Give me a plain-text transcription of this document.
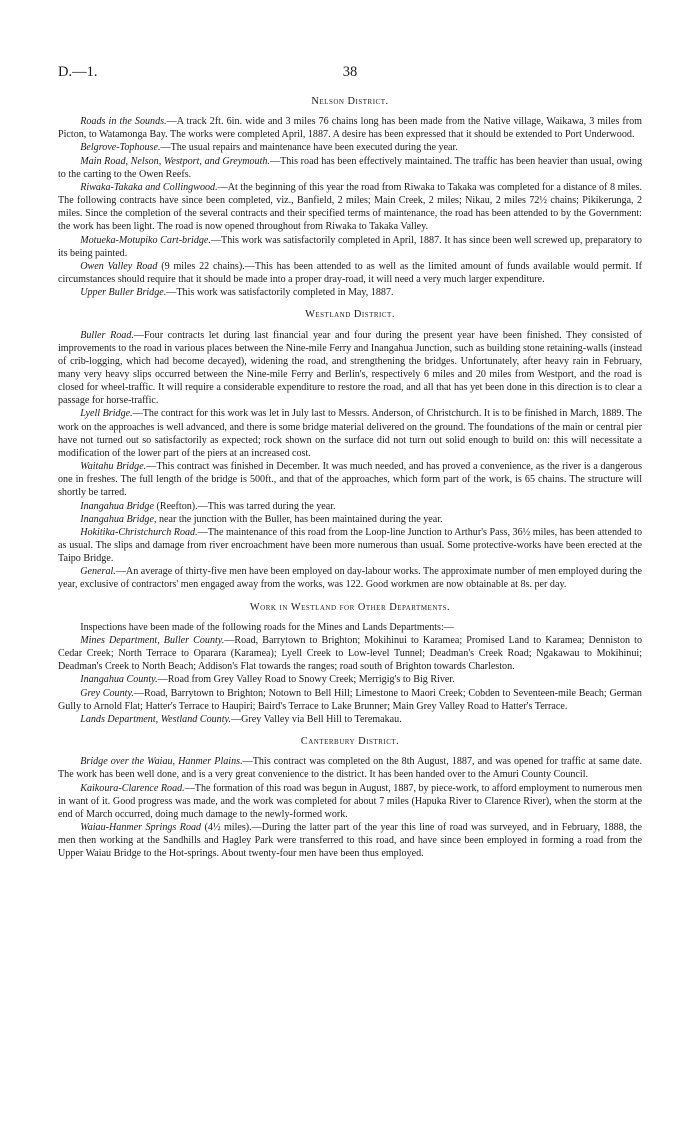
D.—1.	38
Nelson District.

Roads in the Sounds.—A track 2ft. 6in. wide and 3 miles 76 chains long has been made from the Native village, Waikawa, 3 miles from Picton, to Watamonga Bay. The works were completed April, 1887. A desire has been expressed that it should be extended to Port Underwood.

Belgrove-Tophouse.—The usual repairs and maintenance have been executed during the year.

Main Road, Nelson, Westport, and Greymouth.—This road has been effectively maintained. The traffic has been heavier than usual, owing to the carting to the Owen Reefs.

Riwaka-Takaka and Collingwood.—At the beginning of this year the road from Riwaka to Takaka was completed for a distance of 8 miles. The following contracts have since been completed, viz., Banfield, 2 miles; Main Creek, 2 miles; Nikau, 2 miles 72½ chains; Pikikerunga, 2 miles. Since the completion of the several contracts and their specified terms of maintenance, the road has been attended to by the Government: the work has been light. The road is now opened throughout from Riwaka to Takaka Valley.

Motueka-Motupiko Cart-bridge.—This work was satisfactorily completed in April, 1887. It has since been well screwed up, preparatory to its being painted.

Owen Valley Road (9 miles 22 chains).—This has been attended to as well as the limited amount of funds available would permit. If circumstances should require that it should be made into a proper dray-road, it will need a very much larger expenditure.

Upper Buller Bridge.—This work was satisfactorily completed in May, 1887.

Westland District.

Buller Road.—Four contracts let during last financial year and four during the present year have been finished. They consisted of improvements to the road in various places between the Nine-mile Ferry and Inangahua Junction, such as building stone retaining-walls (instead of crib-logging, which had become decayed), widening the road, and strengthening the bridges. Unfortunately, after heavy rain in February, many very heavy slips occurred between the Nine-mile Ferry and Berlin's, respectively 6 miles and 20 miles from Westport, and the road is closed for wheel-traffic. It will require a considerable expenditure to restore the road, and all that has yet been done in this direction is to clear a passage for horse-traffic.

Lyell Bridge.—The contract for this work was let in July last to Messrs. Anderson, of Christchurch. It is to be finished in March, 1889. The work on the approaches is well advanced, and there is some bridge material delivered on the ground. The foundations of the main or central pier have not turned out so satisfactorily as expected; rock shown on the surface did not turn out solid enough to build on: this will necessitate a modification of the lower part of the piers at an increased cost.

Waitahu Bridge.—This contract was finished in December. It was much needed, and has proved a convenience, as the river is a dangerous one in freshes. The full length of the bridge is 500ft., and that of the approaches, which form part of the work, is 65 chains. The structure will shortly be tarred.

Inangahua Bridge (Reefton).—This was tarred during the year.

Inangahua Bridge, near the junction with the Buller, has been maintained during the year.

Hokitika-Christchurch Road.—The maintenance of this road from the Loop-line Junction to Arthur's Pass, 36½ miles, has been attended to as usual. The slips and damage from river encroachment have been more numerous than usual. Some protective-works have been erected at the Taipo Bridge.

General.—An average of thirty-five men have been employed on day-labour works. The approximate number of men employed during the year, exclusive of contractors' men engaged away from the works, was 122. Good workmen are now obtainable at 8s. per day.

Work in Westland for Other Departments.

Inspections have been made of the following roads for the Mines and Lands Departments:—

Mines Department, Buller County.—Road, Barrytown to Brighton; Mokihinui to Karamea; Promised Land to Karamea; Denniston to Cedar Creek; North Terrace to Oparara (Karamea); Lyell Creek to Low-level Tunnel; Deadman's Creek Road; Ngakawau to Mokihinui; Deadman's Creek to North Beach; Addison's Flat towards the ranges; road south of Brighton towards Charleston.

Inangahua County.—Road from Grey Valley Road to Snowy Creek; Merrigig's to Big River.

Grey County.—Road, Barrytown to Brighton; Notown to Bell Hill; Limestone to Maori Creek; Cobden to Seventeen-mile Beach; German Gully to Arnold Flat; Hatter's Terrace to Haupiri; Baird's Terrace to Lake Brunner; Main Grey Valley Road to Hatter's Terrace.

Lands Department, Westland County.—Grey Valley via Bell Hill to Teremakau.

Canterbury District.

Bridge over the Waiau, Hanmer Plains.—This contract was completed on the 8th August, 1887, and was opened for traffic at same date. The work has been well done, and is a very great convenience to the district. It has been handed over to the Amuri County Council.

Kaikoura-Clarence Road.—The formation of this road was begun in August, 1887, by piece-work, to afford employment to numerous men in want of it. Good progress was made, and the work was completed for about 7 miles (Hapuka River to Clarence River), when the storm at the end of March occurred, doing much damage to the newly-formed work.

Waiau-Hanmer Springs Road (4½ miles).—During the latter part of the year this line of road was surveyed, and in February, 1888, the men then working at the Sandhills and Hagley Park were transferred to this road, and have since been employed in forming a road from the Upper Waiau Bridge to the Hot-springs. About twenty-four men have been thus employed.
